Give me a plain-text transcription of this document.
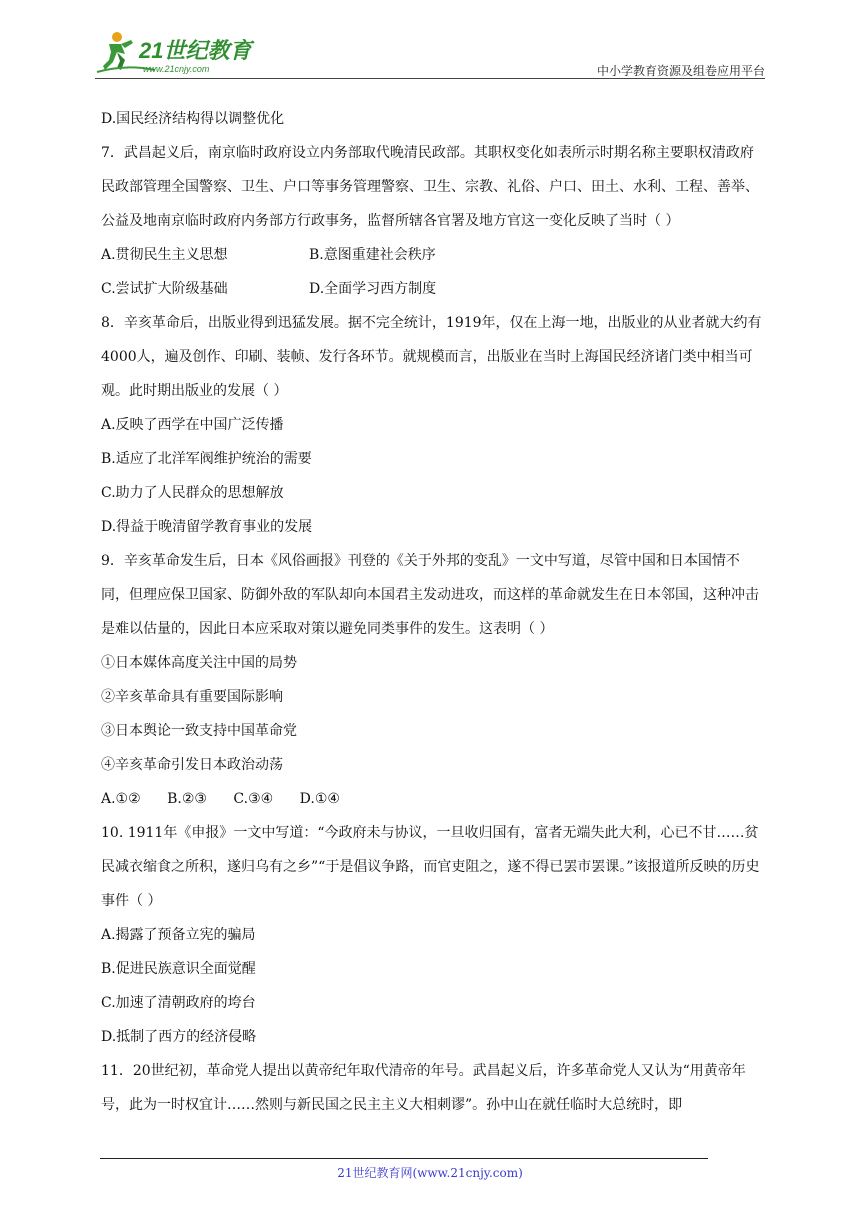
21世纪教育
www.21cnjy.com	中小学教育资源及组卷应用平台

D.国民经济结构得以调整优化

7．武昌起义后，南京临时政府设立内务部取代晚清民政部。其职权变化如表所示时期名称主要职权清政府民政部管理全国警察、卫生、户口等事务管理警察、卫生、宗教、礼俗、户口、田土、水利、工程、善举、公益及地南京临时政府内务部方行政事务，监督所辖各官署及地方官这一变化反映了当时（ ）

A.贯彻民生主义思想	B.意图重建社会秩序
C.尝试扩大阶级基础	D.全面学习西方制度

8．辛亥革命后，出版业得到迅猛发展。据不完全统计，1919年，仅在上海一地，出版业的从业者就大约有4000人，遍及创作、印刷、装帧、发行各环节。就规模而言，出版业在当时上海国民经济诸门类中相当可观。此时期出版业的发展（ ）

A.反映了西学在中国广泛传播

B.适应了北洋军阀维护统治的需要

C.助力了人民群众的思想解放

D.得益于晚清留学教育事业的发展

9．辛亥革命发生后，日本《风俗画报》刊登的《关于外邦的变乱》一文中写道，尽管中国和日本国情不同，但理应保卫国家、防御外敌的军队却向本国君主发动进攻，而这样的革命就发生在日本邻国，这种冲击是难以估量的，因此日本应采取对策以避免同类事件的发生。这表明（ ）

①日本媒体高度关注中国的局势

②辛亥革命具有重要国际影响

③日本舆论一致支持中国革命党

④辛亥革命引发日本政治动荡

A.①② B.②③ C.③④ D.①④

10. 1911年《申报》一文中写道：“今政府未与协议，一旦收归国有，富者无端失此大利，心已不甘……贫民减衣缩食之所积，遂归乌有之乡”“于是倡议争路，而官吏阻之，遂不得已罢市罢课。”该报道所反映的历史事件（ ）

A.揭露了预备立宪的骗局

B.促进民族意识全面觉醒

C.加速了清朝政府的垮台

D.抵制了西方的经济侵略

11．20世纪初，革命党人提出以黄帝纪年取代清帝的年号。武昌起义后，许多革命党人又认为“用黄帝年号，此为一时权宜计……然则与新民国之民主主义大相刺谬”。孙中山在就任临时大总统时，即

21世纪教育网(www.21cnjy.com)
